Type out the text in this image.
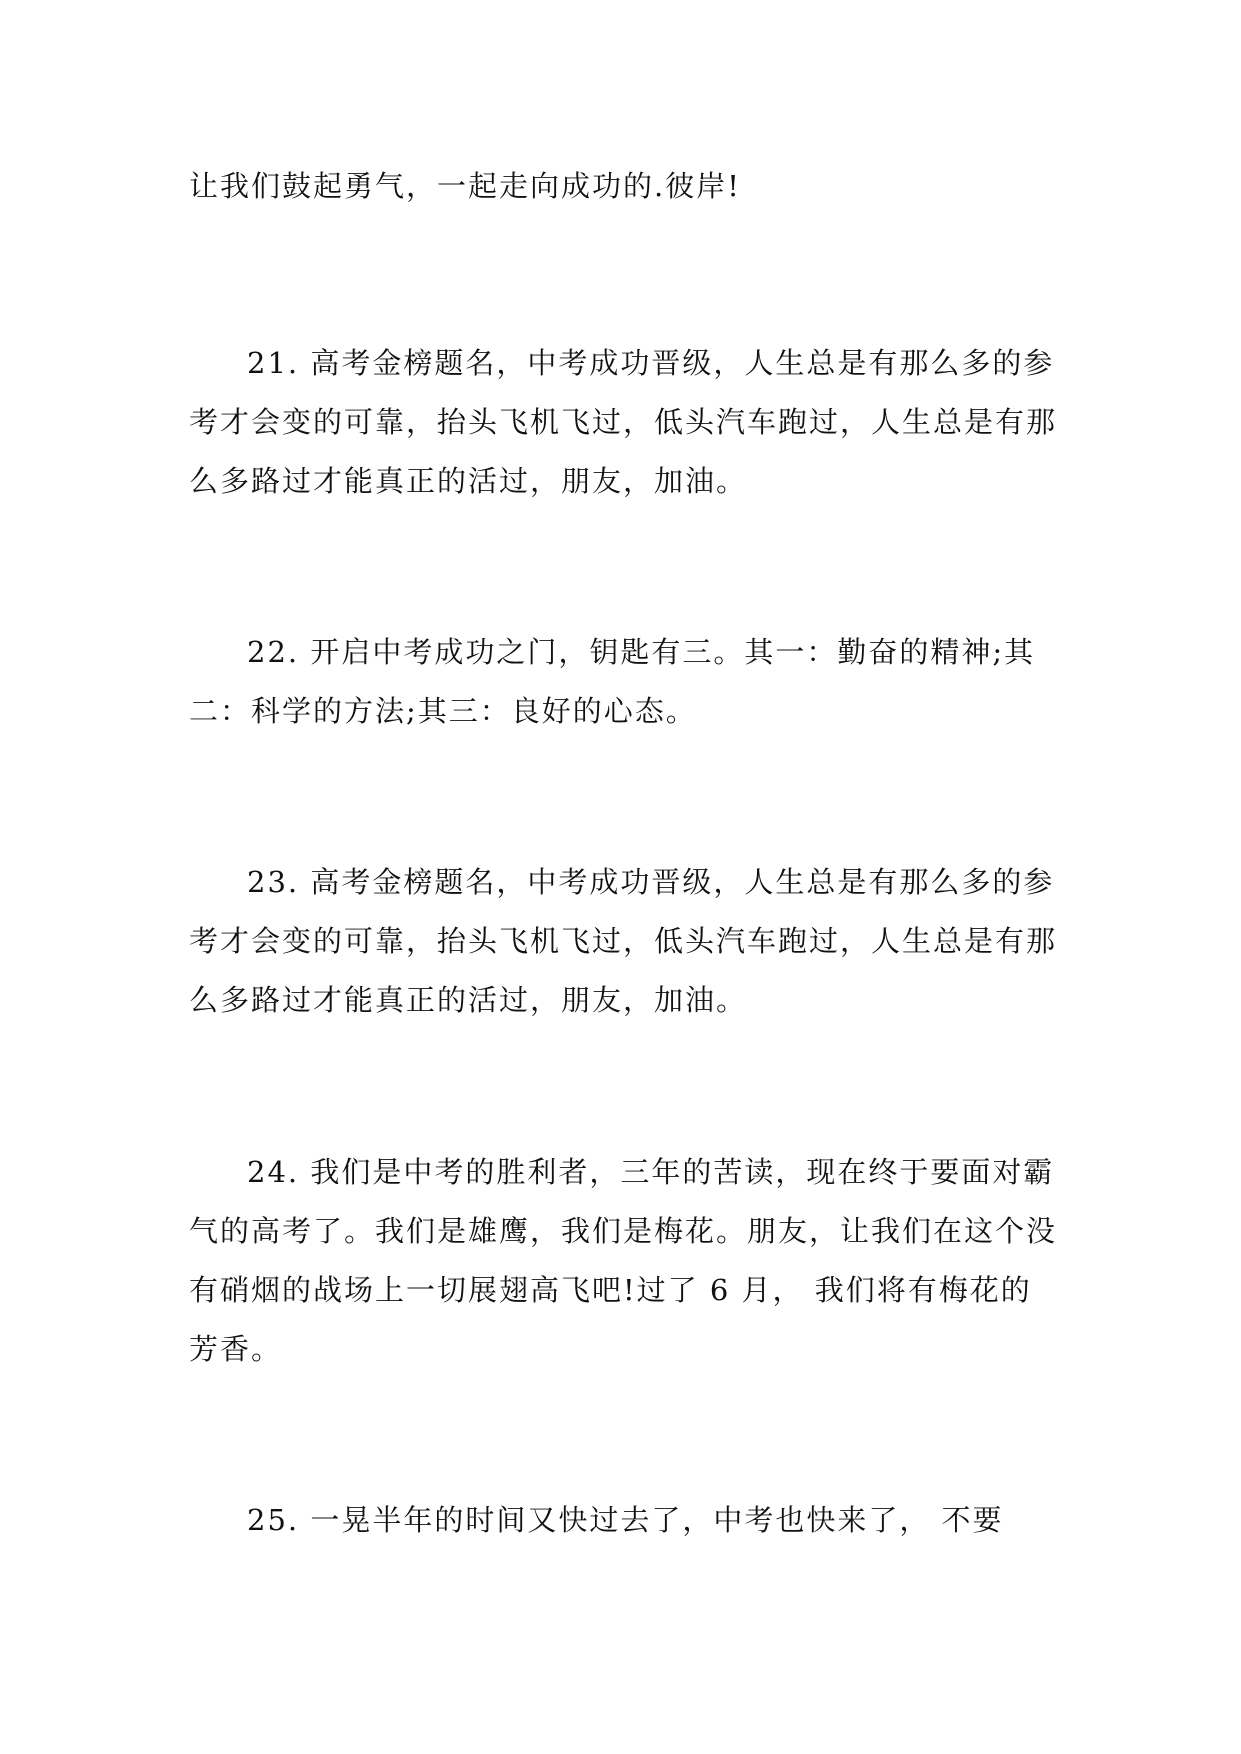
让我们鼓起勇气，一起走向成功的.彼岸!

21. 高考金榜题名，中考成功晋级，人生总是有那么多的参考才会变的可靠，抬头飞机飞过，低头汽车跑过，人生总是有那么多路过才能真正的活过，朋友，加油。

22. 开启中考成功之门，钥匙有三。其一：勤奋的精神;其二：科学的方法;其三：良好的心态。

23. 高考金榜题名，中考成功晋级，人生总是有那么多的参考才会变的可靠，抬头飞机飞过，低头汽车跑过，人生总是有那么多路过才能真正的活过，朋友，加油。

24. 我们是中考的胜利者，三年的苦读，现在终于要面对霸气的高考了。我们是雄鹰，我们是梅花。朋友，让我们在这个没有硝烟的战场上一切展翅高飞吧!过了 6 月， 我们将有梅花的芳香。

25. 一晃半年的时间又快过去了，中考也快来了， 不要
